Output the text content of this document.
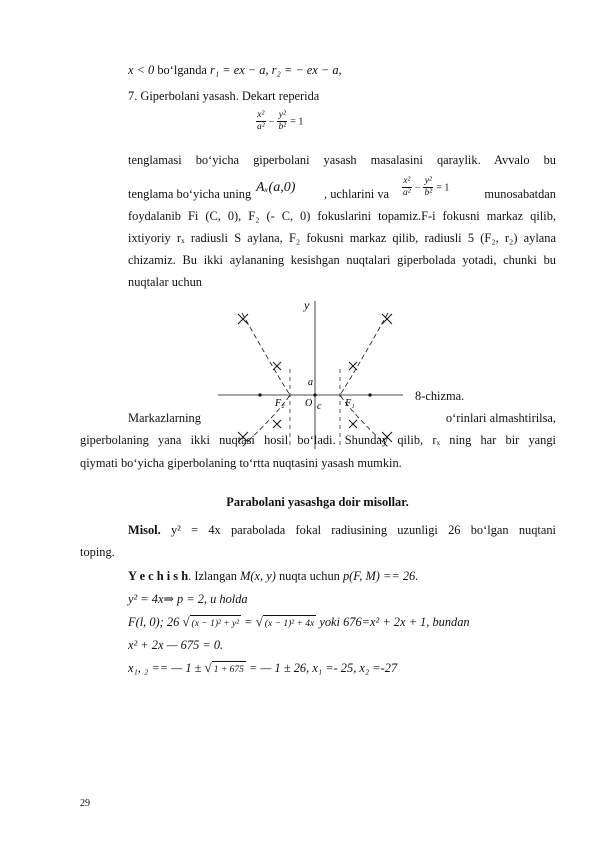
x < 0 bo‘lganda r₁ = ex − a, r₂ = − ex − a,
7. Giperbolani yasash. Dekart reperida
$\frac{\text{x²}}{\text{a²}} - \frac{\text{y²}}{\text{b²}} = 1$
tenglamasi bo‘yicha giperbolani yasash masalasini qaraylik. Avvalo bu
tenglama bo‘yicha uning Aₓ(a,0) , uchlarini va $\frac{\text{x²}}{\text{a²}} - \frac{\text{y²}}{\text{b²}} = 1$	munosabatdan
foydalanib Fi (C, 0), F₂ (- C, 0) fokuslarini topamiz.F-i fokusni markaz qilib,
ixtiyoriy rₓ radiusli S aylana, F₂ fokusni markaz qilib, radiusli 5 (F₂, r₂) aylana
chizamiz. Bu ikki aylananing kesishgan nuqtalari giperbolada yotadi, chunki bu
nuqtalar uchun
y
F₂ O	F₁
a
c
8-chizma.
Markazlarning	o‘rinlari almashtirilsa,
giperbolaning yana ikki nuqtasi hosil bo‘ladi. Shunday qilib, rₓ ning har bir yangi
qiymati bo‘yicha giperbolaning to‘rtta nuqtasini yasash mumkin.
Parabolani yasashga doir misollar.
Misol. y² = 4x parabolada fokal radiusining uzunligi 26 bo‘lgan nuqtani
toping.
Y e c h i s h. Izlangan M(x, y) nuqta uchun p(F, M) == 26.
y² = 4x⇒ p = 2, u holda
F(l, 0); 26 √ (x − 1)² + y² = √ (x − 1)² + 4x yoki 676=x² + 2x + 1, bundan
x² + 2x — 675 = 0.
x₁, ₂ == — 1 ± √ 1 + 675 = — 1 ± 26, x₁ =- 25, x₂ =-27
29
